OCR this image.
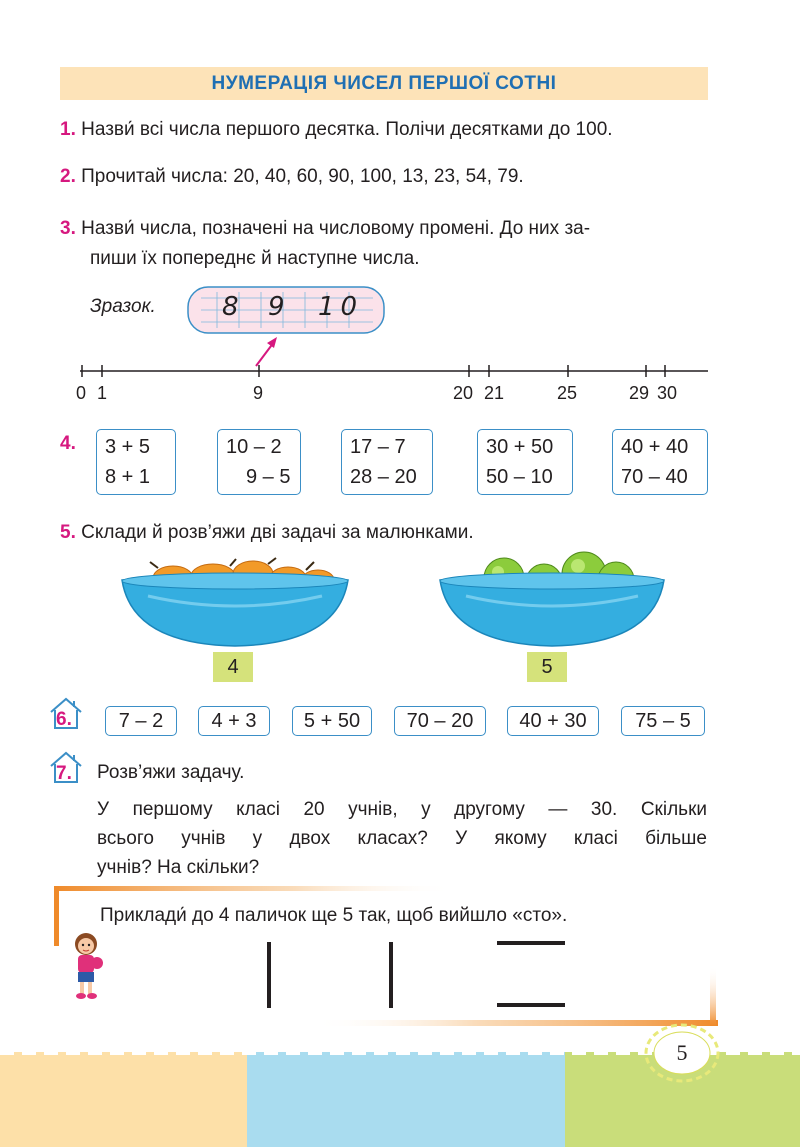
НУМЕРАЦІЯ ЧИСЕЛ ПЕРШОЇ СОТНІ
1. Назви́ всі числа першого десятка. Полічи десятками до 100.
2. Прочитай числа: 20, 40, 60, 90, 100, 13, 23, 54, 79.
3. Назви́ числа, позначені на числовому промені. До них за-
пиши їх попереднє й наступне числа.
Зразок.	8 9 10
0 1	9	20 21	25	29 30
4. 3 + 5
8 + 1
10 – 2
9 – 5
17 – 7
28 – 20
30 + 50
50 – 10
40 + 40
70 – 40
5. Склади й розв’яжи дві задачі за малюнками.
4	5
6.	7 – 2	4 + 3	5 + 50	70 – 20	40 + 30	75 – 5
7. Розв’яжи задачу.
У першому класі 20 учнів, у другому — 30. Скільки
всього учнів у двох класах? У якому класі більше
учнів? На скільки?
Приклади́ до 4 паличок ще 5 так, щоб вийшло «сто».
5
